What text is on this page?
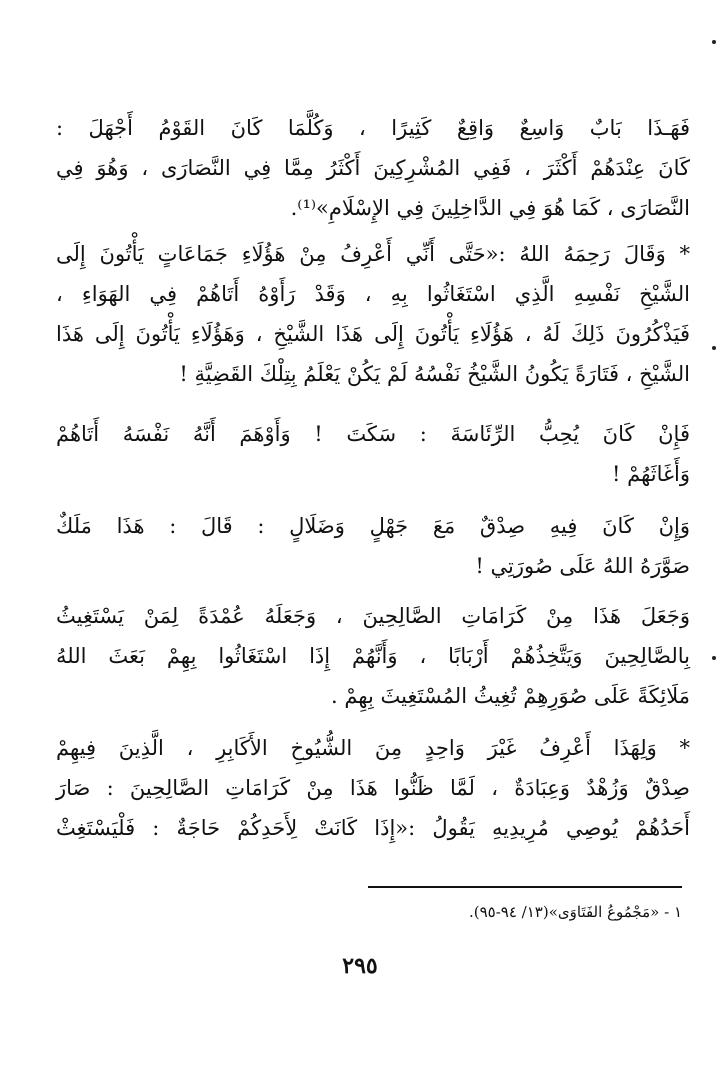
فَهَـذَا بَابٌ وَاسِعٌ وَاقِعٌ كَثِيرًا ، وَكُلَّمَا كَانَ القَوْمُ أَجْهَلَ :
كَانَ عِنْدَهُمْ أَكْثَرَ ، فَفِي المُشْرِكِينَ أَكْثَرُ مِمَّا فِي النَّصَارَى ، وَهُوَ فِي
النَّصَارَى ، كَمَا هُوَ فِي الدَّاخِلِينَ فِي الإِسْلَامِ»⁽¹⁾.
* وَقَالَ رَحِمَهُ اللهُ :«حَتَّى أَنِّي أَعْرِفُ مِنْ هَؤُلَاءِ جَمَاعَاتٍ يَأْتُونَ إِلَى
الشَّيْخِ نَفْسِهِ الَّذِي اسْتَغَاثُوا بِهِ ، وَقَدْ رَأَوْهُ أَتَاهُمْ فِي الهَوَاءِ ،
فَيَذْكُرُونَ ذَلِكَ لَهُ ، هَؤُلَاءِ يَأْتُونَ إِلَى هَذَا الشَّيْخِ ، وَهَؤُلَاءِ يَأْتُونَ إِلَى هَذَا
الشَّيْخِ ، فَتَارَةً يَكُونُ الشَّيْخُ نَفْسُهُ لَمْ يَكُنْ يَعْلَمُ بِتِلْكَ القَضِيَّةِ !
فَإِنْ كَانَ يُحِبُّ الرِّئَاسَةَ : سَكَتَ ! وَأَوْهَمَ أَنَّهُ نَفْسَهُ أَتَاهُمْ
وَأَغَاثَهُمْ !
وَإِنْ كَانَ فِيهِ صِدْقٌ مَعَ جَهْلٍ وَضَلَالٍ : قَالَ : هَذَا مَلَكٌ
صَوَّرَهُ اللهُ عَلَى صُورَتِي !
وَجَعَلَ هَذَا مِنْ كَرَامَاتِ الصَّالِحِينَ ، وَجَعَلَهُ عُمْدَةً لِمَنْ يَسْتَغِيثُ
بِالصَّالِحِينَ وَيَتَّخِذُهُمْ أَرْبَابًا ، وَأَنَّهُمْ إِذَا اسْتَغَاثُوا بِهِمْ بَعَثَ اللهُ
مَلَائِكَةً عَلَى صُوَرِهِمْ تُغِيثُ المُسْتَغِيثَ بِهِمْ .
* وَلِهَذَا أَعْرِفُ غَيْرَ وَاحِدٍ مِنَ الشُّيُوخِ الأَكَابِرِ ، الَّذِينَ فِيهِمْ
صِدْقٌ وَزُهْدٌ وَعِبَادَةٌ ، لَمَّا ظَنُّوا هَذَا مِنْ كَرَامَاتِ الصَّالِحِينَ : صَارَ
أَحَدُهُمْ يُوصِي مُرِيدِيهِ يَقُولُ :«إِذَا كَانَتْ لِأَحَدِكُمْ حَاجَةٌ : فَلْيَسْتَغِثْ
١ - «مَجْمُوعُ الفَتَاوَى»(١٣/ ٩٤-٩٥).
٢٩٥
